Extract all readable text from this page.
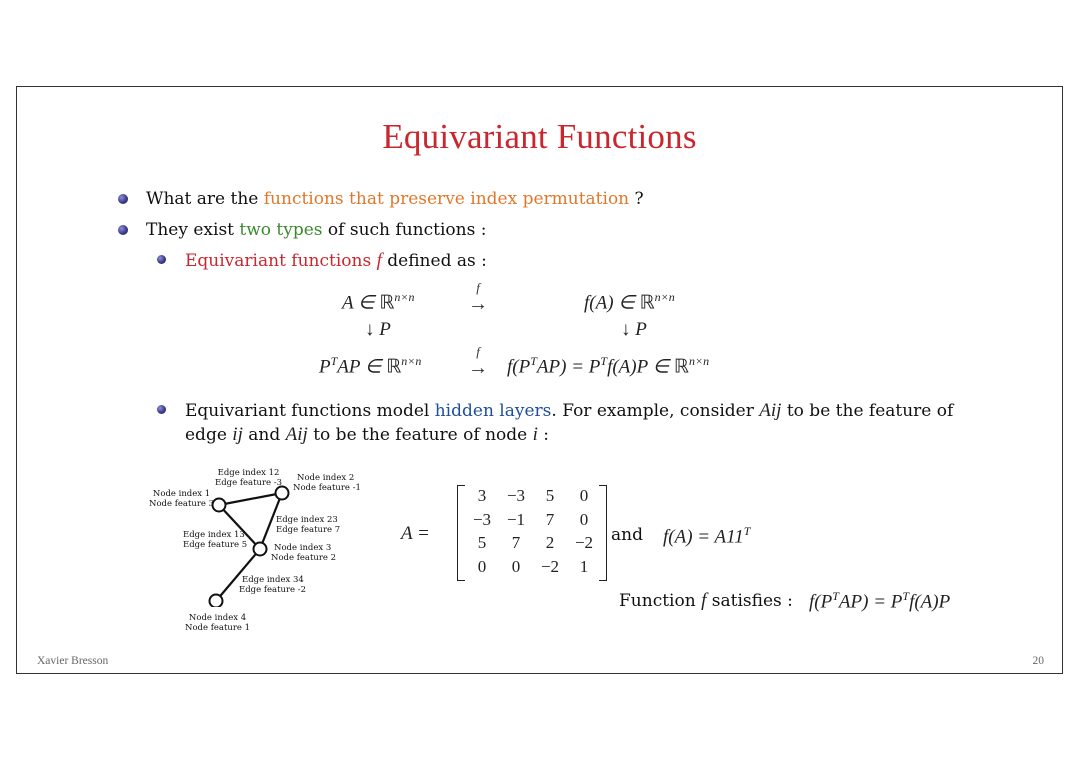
Equivariant Functions
What are the functions that preserve index permutation ?
They exist two types of such functions :
Equivariant functions f defined as :
A ∈ ℝ$^{n\times n}$
f
→	f(A) ∈ ℝ$^{n\times n}$
↓ P	↓ P
$P^TAP$ ∈ ℝ$^{n\times n}$
f
→ $f(P^TAP) = P^Tf(A)P$ ∈ ℝ$^{n\times n}$
Equivariant functions model hidden layers. For example, consider Aij to be the feature of
edge ij and Aij to be the feature of node i :
Edge index 12
Edge feature -3	Node index 2
Node feature -1
Node index 1
Node feature 3
Edge index 23
Edge feature 7
Edge index 13
Edge feature 5	Node index 3
Node feature 2
Edge index 34
Edge feature -2
Node index 4
Node feature 1
A =
3	−3	5	0
−3 −1	7	0
5	7	2	−2
0	0	−2	1
and $f(A) = A11^T$
Function f satisfies : $f(P^TAP) = P^Tf(A)P$
Xavier Bresson	20
